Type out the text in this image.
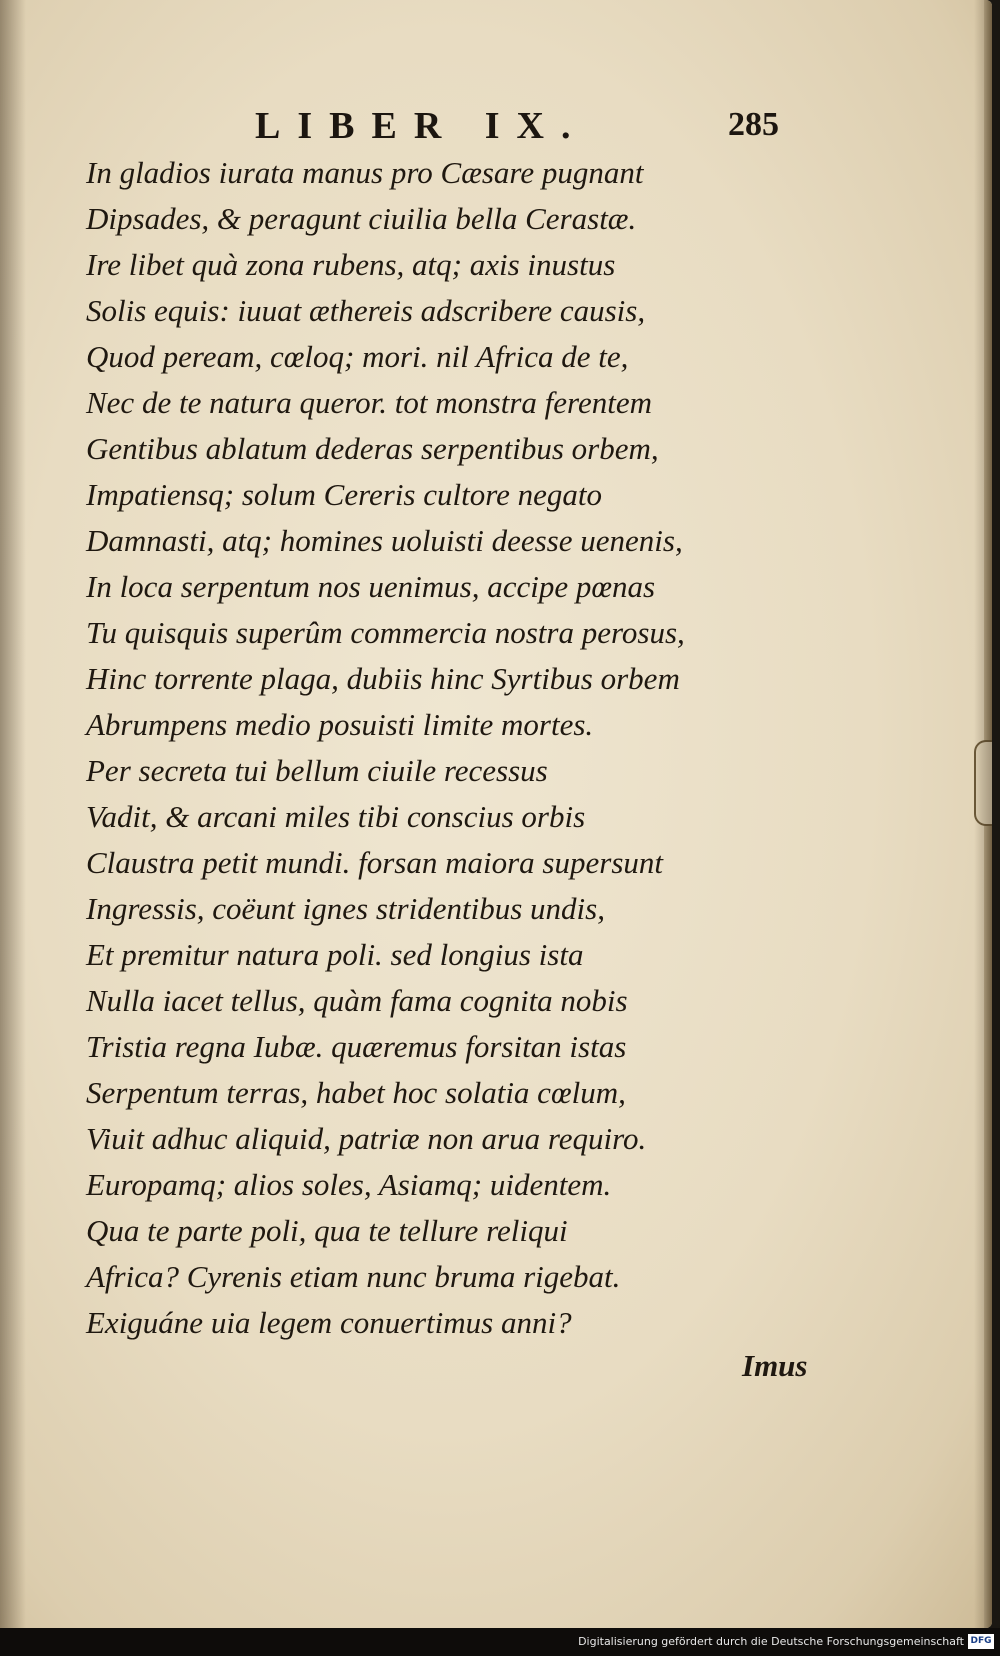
LIBER IX.	285
In gladios iurata manus pro Cæsare pugnant
Dipsades, & peragunt ciuilia bella Cerastæ.
Ire libet quà zona rubens, atq; axis inustus
Solis equis: iuuat æthereis adscribere causis,
Quod peream, cœloq; mori. nil Africa de te,
Nec de te natura queror. tot monstra ferentem
Gentibus ablatum dederas serpentibus orbem,
Impatiensq; solum Cereris cultore negato
Damnasti, atq; homines uoluisti deesse uenenis,
In loca serpentum nos uenimus, accipe pœnas
Tu quisquis superûm commercia nostra perosus,
Hinc torrente plaga, dubiis hinc Syrtibus orbem
Abrumpens medio posuisti limite mortes.
Per secreta tui bellum ciuile recessus
Vadit, & arcani miles tibi conscius orbis
Claustra petit mundi. forsan maiora supersunt
Ingressis, coëunt ignes stridentibus undis,
Et premitur natura poli. sed longius ista
Nulla iacet tellus, quàm fama cognita nobis
Tristia regna Iubæ. quæremus forsitan istas
Serpentum terras, habet hoc solatia cœlum,
Viuit adhuc aliquid, patriæ non arua requiro.
Europamq; alios soles, Asiamq; uidentem.
Qua te parte poli, qua te tellure reliqui
Africa? Cyrenis etiam nunc bruma rigebat.
Exiguáne uia legem conuertimus anni?
Imus
Digitalisierung gefördert durch die Deutsche Forschungsgemeinschaft DFG
